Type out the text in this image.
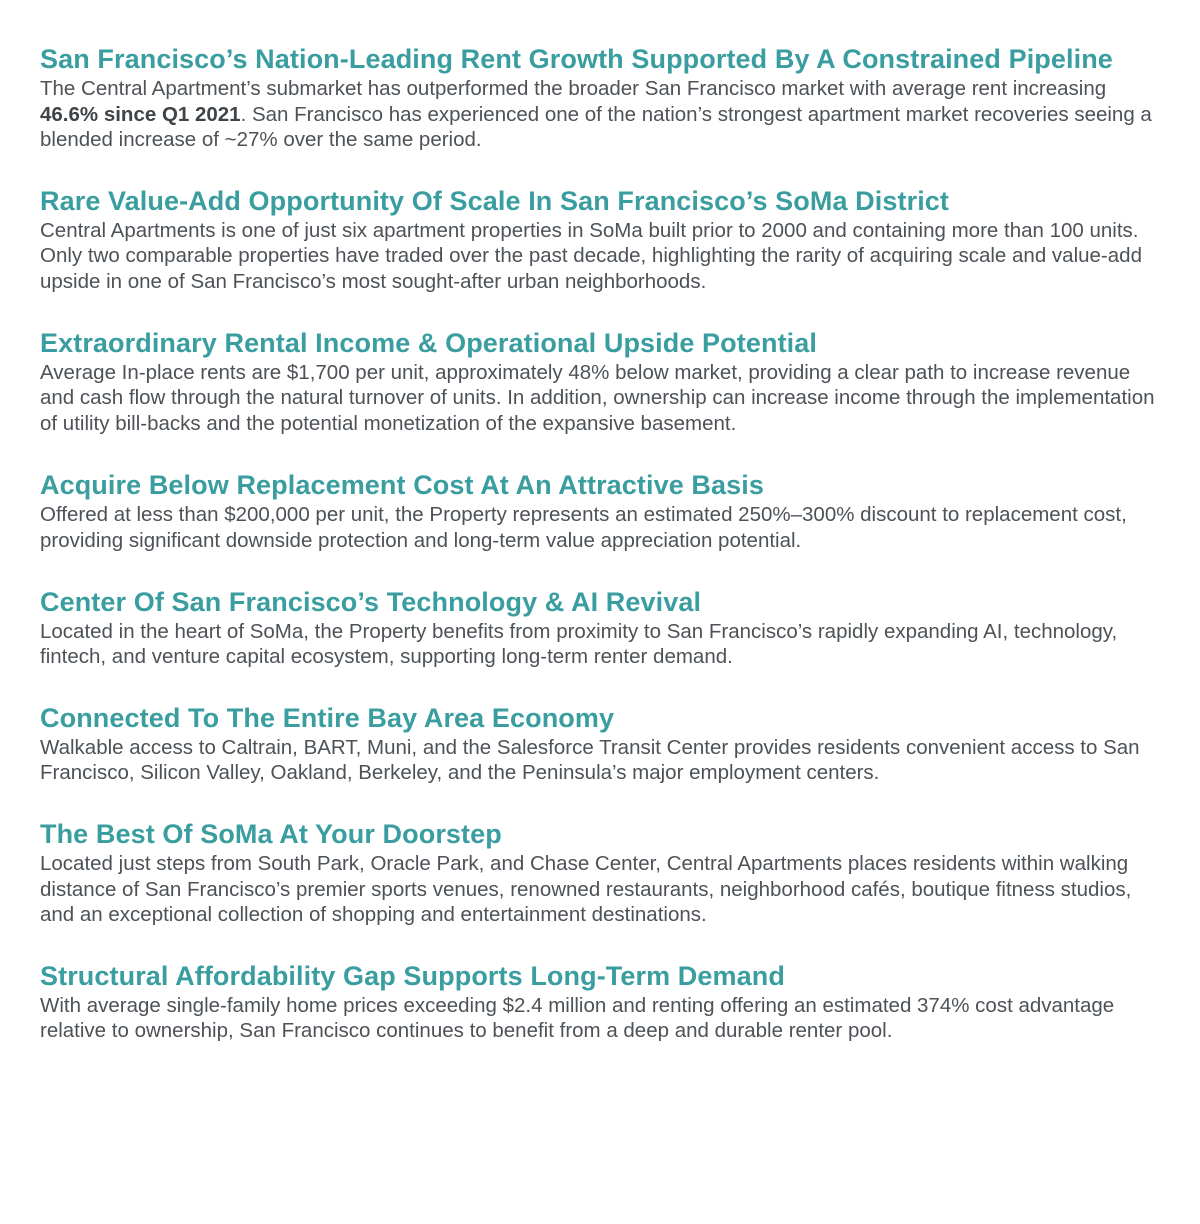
San Francisco’s Nation-Leading Rent Growth Supported By A Constrained Pipeline

The Central Apartment’s submarket has outperformed the broader San Francisco market with average rent increasing 46.6% since Q1 2021. San Francisco has experienced one of the nation’s strongest apartment market recoveries seeing a blended increase of ~27% over the same period.

Rare Value-Add Opportunity Of Scale In San Francisco’s SoMa District

Central Apartments is one of just six apartment properties in SoMa built prior to 2000 and containing more than 100 units. Only two comparable properties have traded over the past decade, highlighting the rarity of acquiring scale and value-add upside in one of San Francisco’s most sought-after urban neighborhoods.

Extraordinary Rental Income & Operational Upside Potential

Average In-place rents are $1,700 per unit, approximately 48% below market, providing a clear path to increase revenue and cash flow through the natural turnover of units. In addition, ownership can increase income through the implementation of utility bill-backs and the potential monetization of the expansive basement.

Acquire Below Replacement Cost At An Attractive Basis

Offered at less than $200,000 per unit, the Property represents an estimated 250%–300% discount to replacement cost, providing significant downside protection and long-term value appreciation potential.

Center Of San Francisco’s Technology & AI Revival

Located in the heart of SoMa, the Property benefits from proximity to San Francisco’s rapidly expanding AI, technology, fintech, and venture capital ecosystem, supporting long-term renter demand.

Connected To The Entire Bay Area Economy

Walkable access to Caltrain, BART, Muni, and the Salesforce Transit Center provides residents convenient access to San Francisco, Silicon Valley, Oakland, Berkeley, and the Peninsula’s major employment centers.

The Best Of SoMa At Your Doorstep

Located just steps from South Park, Oracle Park, and Chase Center, Central Apartments places residents within walking distance of San Francisco’s premier sports venues, renowned restaurants, neighborhood cafés, boutique fitness studios, and an exceptional collection of shopping and entertainment destinations.

Structural Affordability Gap Supports Long-Term Demand

With average single-family home prices exceeding $2.4 million and renting offering an estimated 374% cost advantage relative to ownership, San Francisco continues to benefit from a deep and durable renter pool.
